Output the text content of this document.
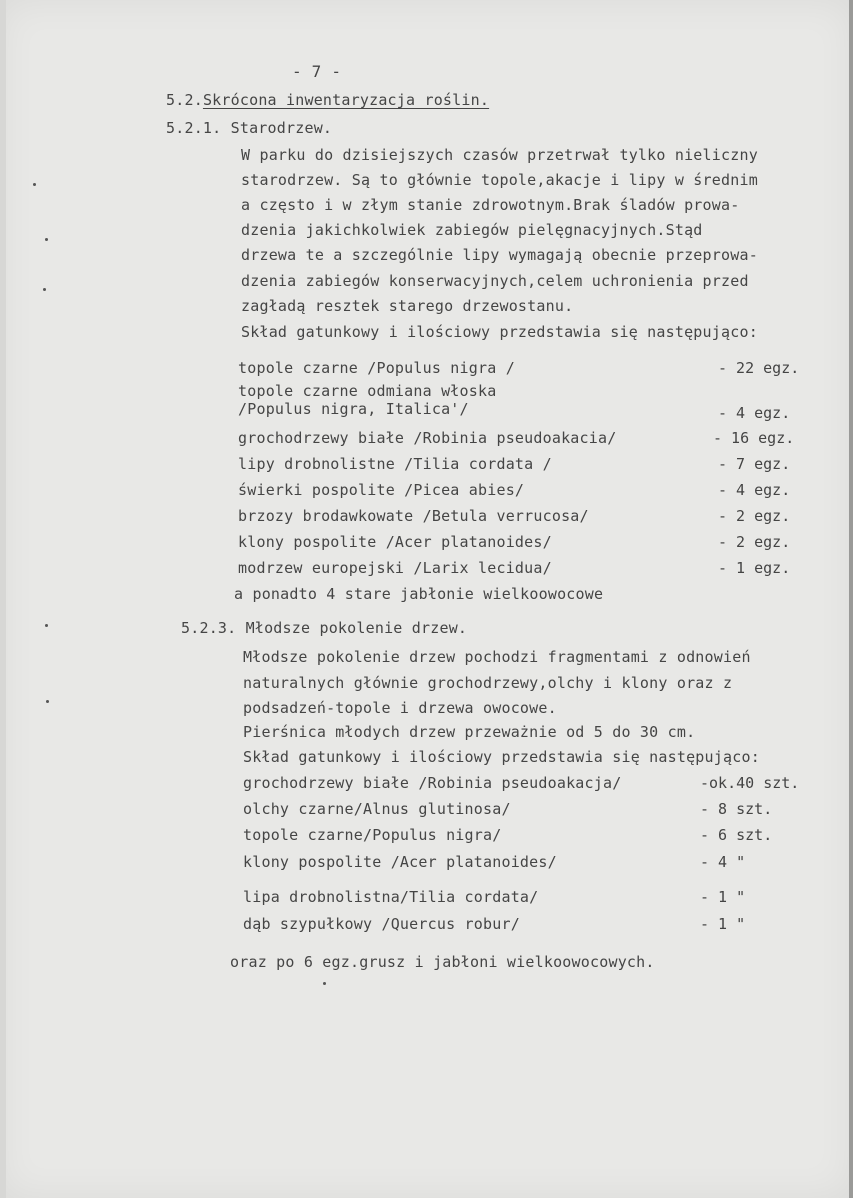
- 7 -
5.2.Skrócona inwentaryzacja roślin.
5.2.1. Starodrzew.
W parku do dzisiejszych czasów przetrwał tylko nieliczny
starodrzew. Są to głównie topole,akacje i lipy w średnim
a często i w złym stanie zdrowotnym.Brak śladów prowa-
dzenia jakichkolwiek zabiegów pielęgnacyjnych.Stąd
drzewa te a szczególnie lipy wymagają obecnie przeprowa-
dzenia zabiegów konserwacyjnych,celem uchronienia przed
zagładą resztek starego drzewostanu.
Skład gatunkowy i ilościowy przedstawia się następująco:
topole czarne /Populus nigra /	- 22 egz.
topole czarne odmiana włoska
/Populus nigra, Italica'/	- 4 egz.
grochodrzewy białe /Robinia pseudoakacia/	- 16 egz.
lipy drobnolistne /Tilia cordata /	- 7 egz.
świerki pospolite /Picea abies/	- 4 egz.
brzozy brodawkowate /Betula verrucosa/	- 2 egz.
klony pospolite /Acer platanoides/	- 2 egz.
modrzew europejski /Larix lecidua/	- 1 egz.
a ponadto 4 stare jabłonie wielkoowocowe
5.2.3. Młodsze pokolenie drzew.
Młodsze pokolenie drzew pochodzi fragmentami z odnowień
naturalnych głównie grochodrzewy,olchy i klony oraz z
podsadzeń-topole i drzewa owocowe.
Pierśnica młodych drzew przeważnie od 5 do 30 cm.
Skład gatunkowy i ilościowy przedstawia się następująco:
grochodrzewy białe /Robinia pseudoakacja/	-ok.40 szt.
olchy czarne/Alnus glutinosa/	- 8 szt.
topole czarne/Populus nigra/	- 6 szt.
klony pospolite /Acer platanoides/	- 4 "
lipa drobnolistna/Tilia cordata/	- 1 "
dąb szypułkowy /Quercus robur/	- 1 "
oraz po 6 egz.grusz i jabłoni wielkoowocowych.
